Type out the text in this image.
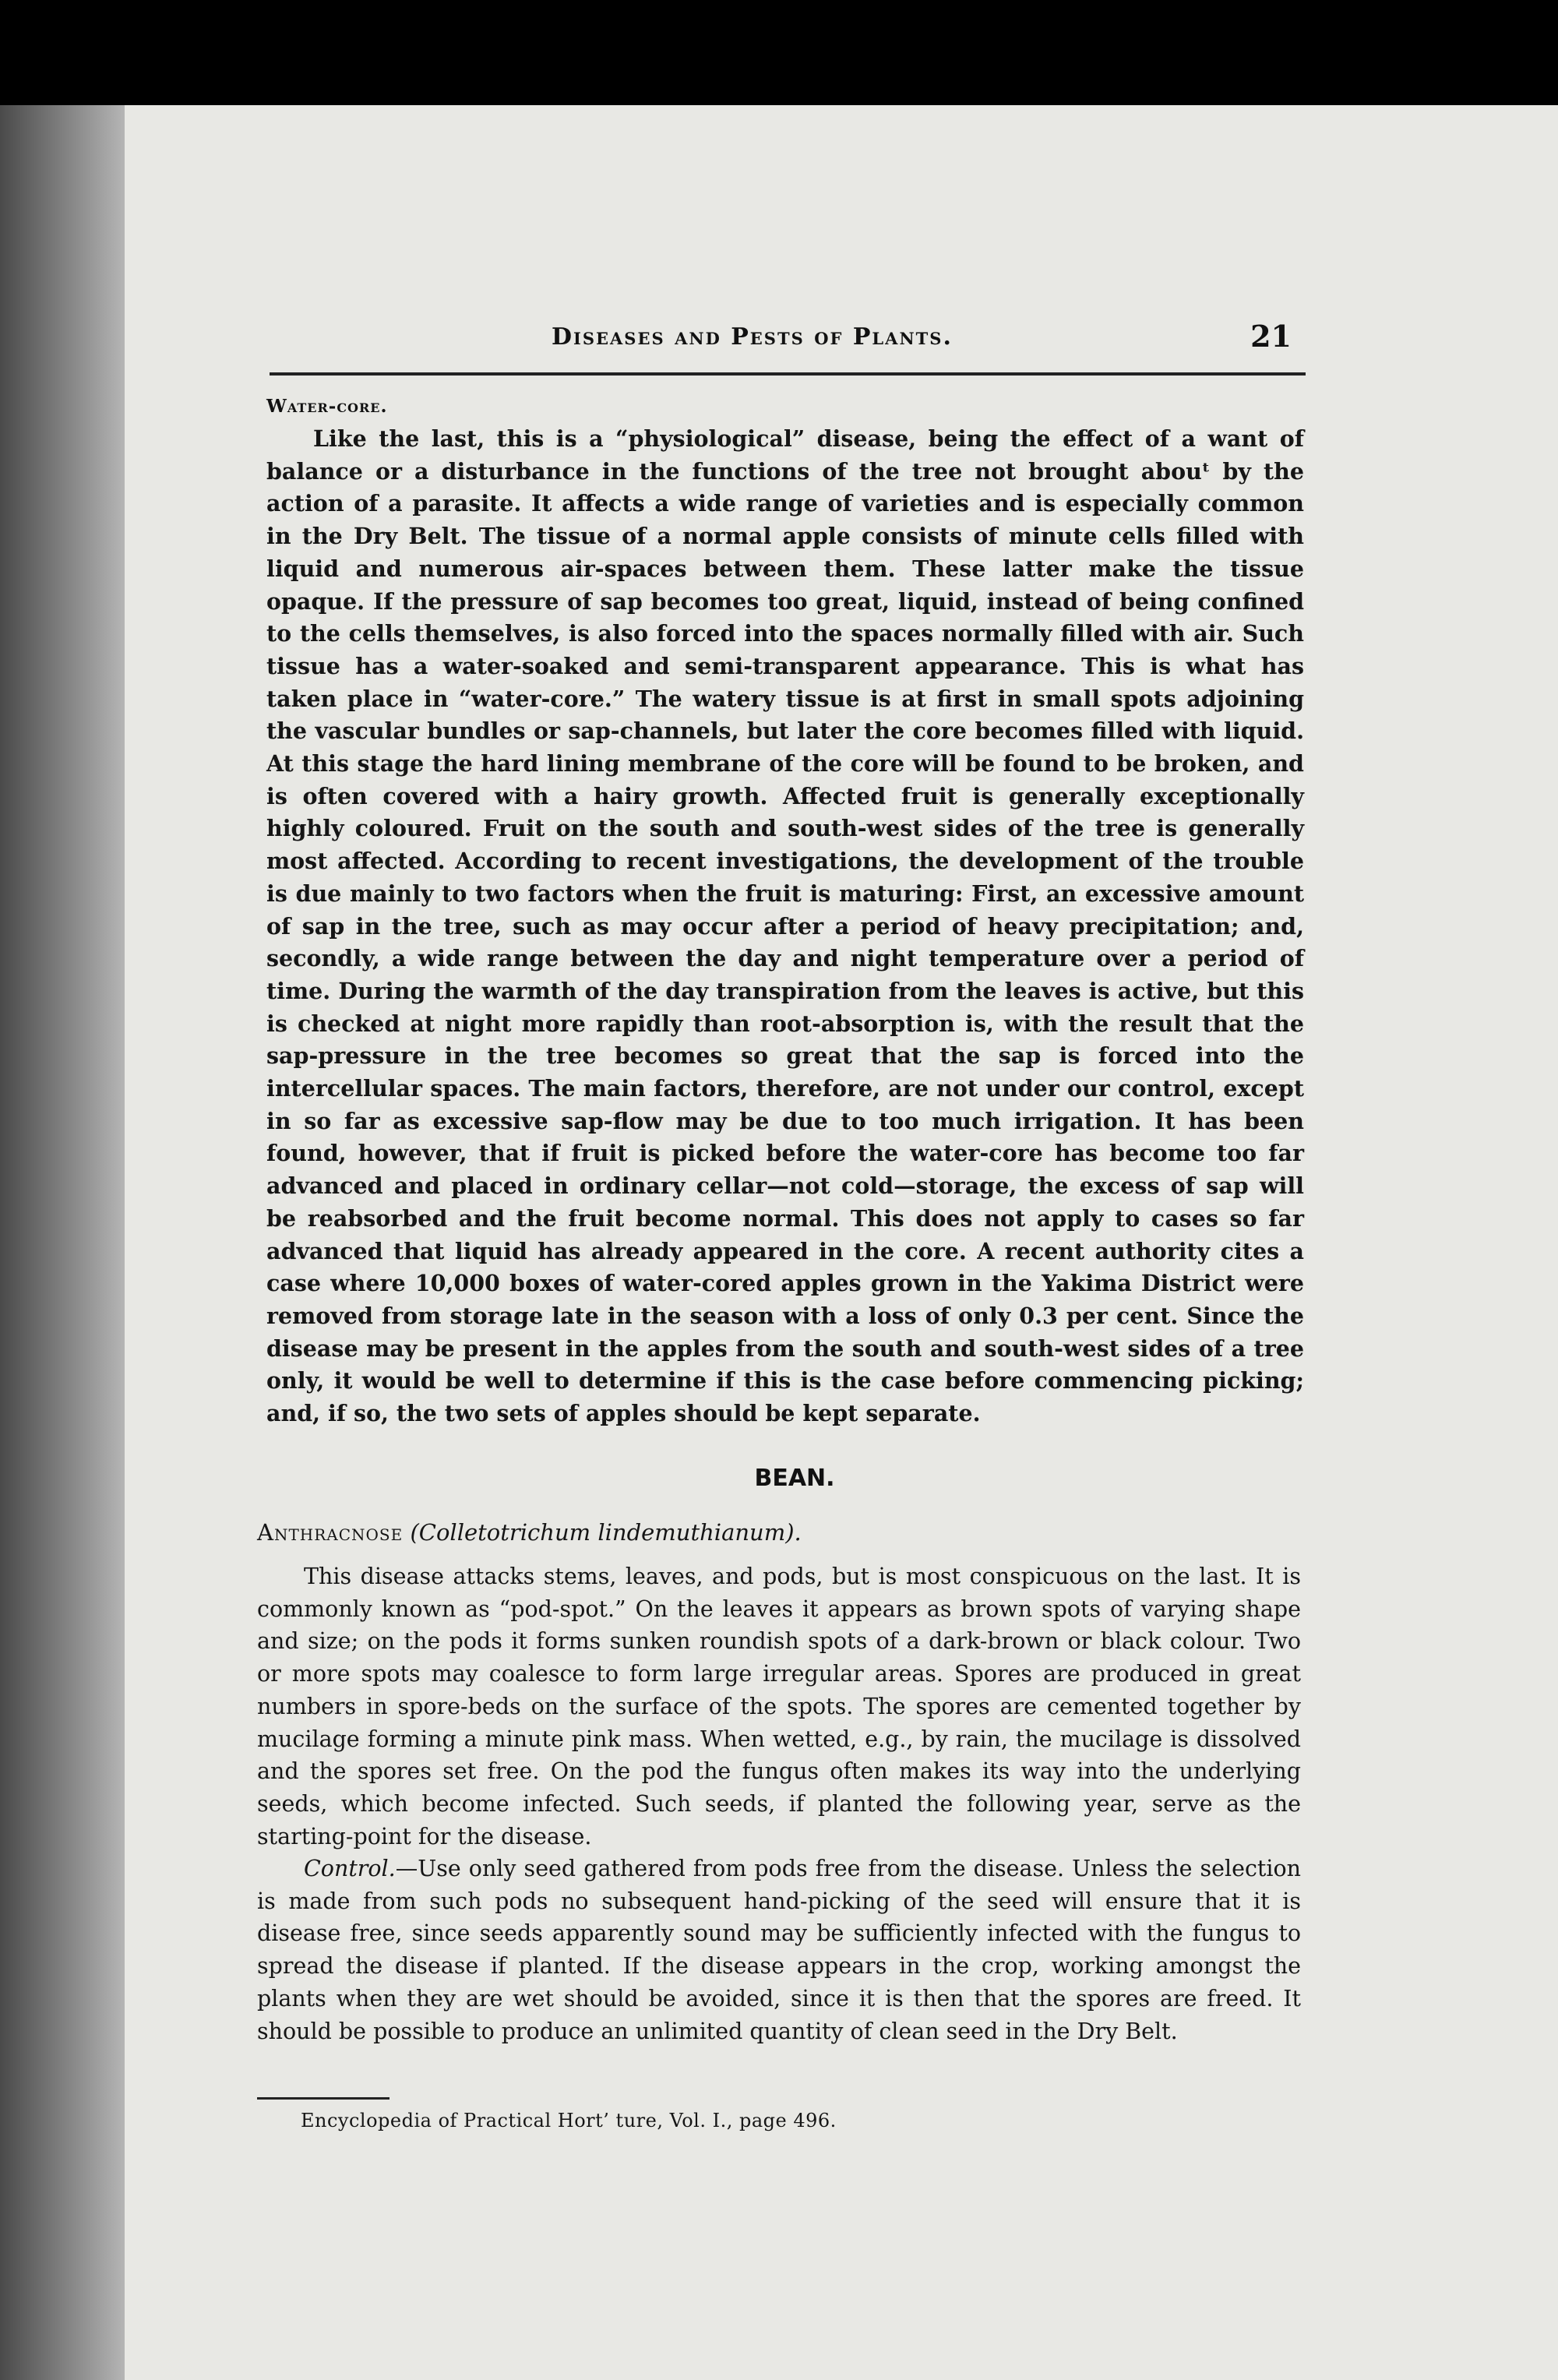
Diseases and Pests of Plants.	21
Water-core.
Like the last, this is a “physiological” disease, being the effect of a want of balance or a disturbance in the functions of the tree not brought abouᵗ by the action of a parasite. It affects a wide range of varieties and is especially common in the Dry Belt. The tissue of a normal apple consists of minute cells filled with liquid and numerous air-spaces between them. These latter make the tissue opaque. If the pressure of sap becomes too great, liquid, instead of being confined to the cells themselves, is also forced into the spaces normally filled with air. Such tissue has a water-soaked and semi-transparent appearance. This is what has taken place in “water-core.” The watery tissue is at first in small spots adjoining the vascular bundles or sap-channels, but later the core becomes filled with liquid. At this stage the hard lining membrane of the core will be found to be broken, and is often covered with a hairy growth. Affected fruit is generally exceptionally highly coloured. Fruit on the south and south-west sides of the tree is generally most affected. According to recent investigations, the development of the trouble is due mainly to two factors when the fruit is maturing: First, an excessive amount of sap in the tree, such as may occur after a period of heavy precipitation; and, secondly, a wide range between the day and night temperature over a period of time. During the warmth of the day transpiration from the leaves is active, but this is checked at night more rapidly than root-absorption is, with the result that the sap-pressure in the tree becomes so great that the sap is forced into the intercellular spaces. The main factors, therefore, are not under our control, except in so far as excessive sap-flow may be due to too much irrigation. It has been found, however, that if fruit is picked before the water-core has become too far advanced and placed in ordinary cellar—not cold—storage, the excess of sap will be reabsorbed and the fruit become normal. This does not apply to cases so far advanced that liquid has already appeared in the core. A recent authority cites a case where 10,000 boxes of water-cored apples grown in the Yakima District were removed from storage late in the season with a loss of only 0.3 per cent. Since the disease may be present in the apples from the south and south-west sides of a tree only, it would be well to determine if this is the case before commencing picking; and, if so, the two sets of apples should be kept separate.
BEAN.
Anthracnose (Colletotrichum lindemuthianum).
This disease attacks stems, leaves, and pods, but is most conspicuous on the last. It is commonly known as “pod-spot.” On the leaves it appears as brown spots of varying shape and size; on the pods it forms sunken roundish spots of a dark-brown or black colour. Two or more spots may coalesce to form large irregular areas. Spores are produced in great numbers in spore-beds on the surface of the spots. The spores are cemented together by mucilage forming a minute pink mass. When wetted, e.g., by rain, the mucilage is dissolved and the spores set free. On the pod the fungus often makes its way into the underlying seeds, which become infected. Such seeds, if planted the following year, serve as the starting-point for the disease.
Control.—Use only seed gathered from pods free from the disease. Unless the selection is made from such pods no subsequent hand-picking of the seed will ensure that it is disease free, since seeds apparently sound may be sufficiently infected with the fungus to spread the disease if planted. If the disease appears in the crop, working amongst the plants when they are wet should be avoided, since it is then that the spores are freed. It should be possible to produce an unlimited quantity of clean seed in the Dry Belt.
Encyclopedia of Practical Hort’ ture, Vol. I., page 496.
